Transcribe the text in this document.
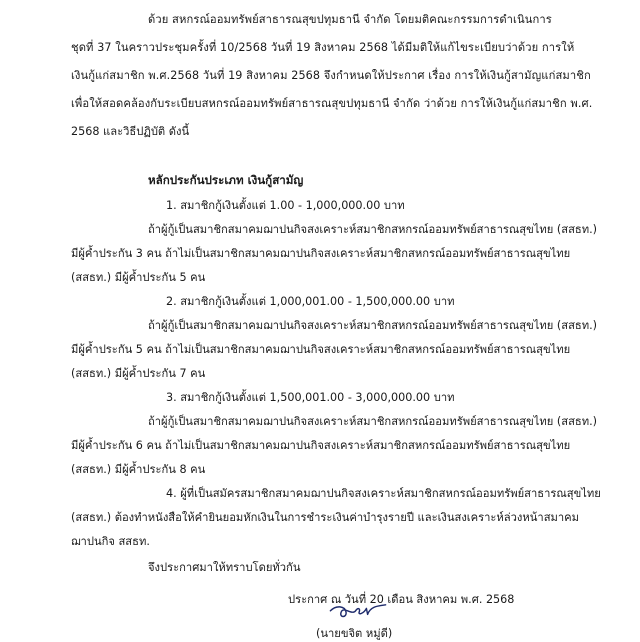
ด้วย สหกรณ์ออมทรัพย์สาธารณสุขปทุมธานี จำกัด โดยมติคณะกรรมการดำเนินการ
ชุดที่ 37 ในคราวประชุมครั้งที่ 10/2568 วันที่ 19 สิงหาคม 2568 ได้มีมติให้แก้ไขระเบียบว่าด้วย การให้
เงินกู้แก่สมาชิก พ.ศ.2568 วันที่ 19 สิงหาคม 2568 จึงกำหนดให้ประกาศ เรื่อง การให้เงินกู้สามัญแก่สมาชิก
เพื่อให้สอดคล้องกับระเบียบสหกรณ์ออมทรัพย์สาธารณสุขปทุมธานี จำกัด ว่าด้วย การให้เงินกู้แก่สมาชิก พ.ศ.
2568 และวิธีปฏิบัติ ดังนี้
หลักประกันประเภท เงินกู้สามัญ
1. สมาชิกกู้เงินตั้งแต่ 1.00 - 1,000,000.00 บาท
ถ้าผู้กู้เป็นสมาชิกสมาคมฌาปนกิจสงเคราะห์สมาชิกสหกรณ์ออมทรัพย์สาธารณสุขไทย (สสธท.)
มีผู้ค้ำประกัน 3 คน ถ้าไม่เป็นสมาชิกสมาคมฌาปนกิจสงเคราะห์สมาชิกสหกรณ์ออมทรัพย์สาธารณสุขไทย
(สสธท.) มีผู้ค้ำประกัน 5 คน
2. สมาชิกกู้เงินตั้งแต่ 1,000,001.00 - 1,500,000.00 บาท
ถ้าผู้กู้เป็นสมาชิกสมาคมฌาปนกิจสงเคราะห์สมาชิกสหกรณ์ออมทรัพย์สาธารณสุขไทย (สสธท.)
มีผู้ค้ำประกัน 5 คน ถ้าไม่เป็นสมาชิกสมาคมฌาปนกิจสงเคราะห์สมาชิกสหกรณ์ออมทรัพย์สาธารณสุขไทย
(สสธท.) มีผู้ค้ำประกัน 7 คน
3. สมาชิกกู้เงินตั้งแต่ 1,500,001.00 - 3,000,000.00 บาท
ถ้าผู้กู้เป็นสมาชิกสมาคมฌาปนกิจสงเคราะห์สมาชิกสหกรณ์ออมทรัพย์สาธารณสุขไทย (สสธท.)
มีผู้ค้ำประกัน 6 คน ถ้าไม่เป็นสมาชิกสมาคมฌาปนกิจสงเคราะห์สมาชิกสหกรณ์ออมทรัพย์สาธารณสุขไทย
(สสธท.) มีผู้ค้ำประกัน 8 คน
4. ผู้ที่เป็นสมัครสมาชิกสมาคมฌาปนกิจสงเคราะห์สมาชิกสหกรณ์ออมทรัพย์สาธารณสุขไทย
(สสธท.) ต้องทำหนังสือให้คำยินยอมหักเงินในการชำระเงินค่าบำรุงรายปี และเงินสงเคราะห์ล่วงหน้าสมาคม
ฌาปนกิจ สสธท.
จึงประกาศมาให้ทราบโดยทั่วกัน
ประกาศ ณ วันที่ 20 เดือน สิงหาคม พ.ศ. 2568
(นายขจิต หมู่ดี)
